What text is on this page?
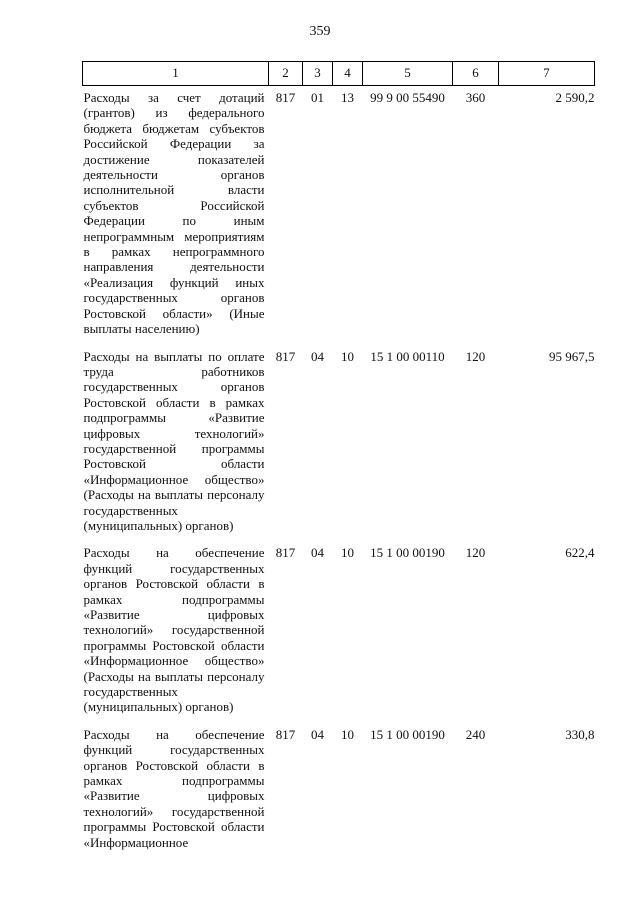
359
1	2	3	4	5	6	7
Расходы за счет дотаций (грантов) из федерального бюджета бюджетам субъектов Российской Федерации за достижение показателей деятельности органов исполнительной власти субъектов Российской Федерации по иным непрограммным мероприятиям в рамках непрограммного направления деятельности «Реализация функций иных государственных органов Ростовской области» (Иные выплаты населению)	817	01	13	99 9 00 55490	360	2 590,2
Расходы на выплаты по оплате труда работников государственных органов Ростовской области в рамках подпрограммы «Развитие цифровых технологий» государственной программы Ростовской области «Информационное общество» (Расходы на выплаты персоналу государственных (муниципальных) органов)	817	04	10	15 1 00 00110	120	95 967,5
Расходы на обеспечение функций государственных органов Ростовской области в рамках подпрограммы «Развитие цифровых технологий» государственной программы Ростовской области «Информационное общество» (Расходы на выплаты персоналу государственных (муниципальных) органов)	817	04	10	15 1 00 00190	120	622,4
Расходы на обеспечение функций государственных органов Ростовской области в рамках подпрограммы «Развитие цифровых технологий» государственной программы Ростовской области «Информационное	817	04	10	15 1 00 00190	240	330,8
